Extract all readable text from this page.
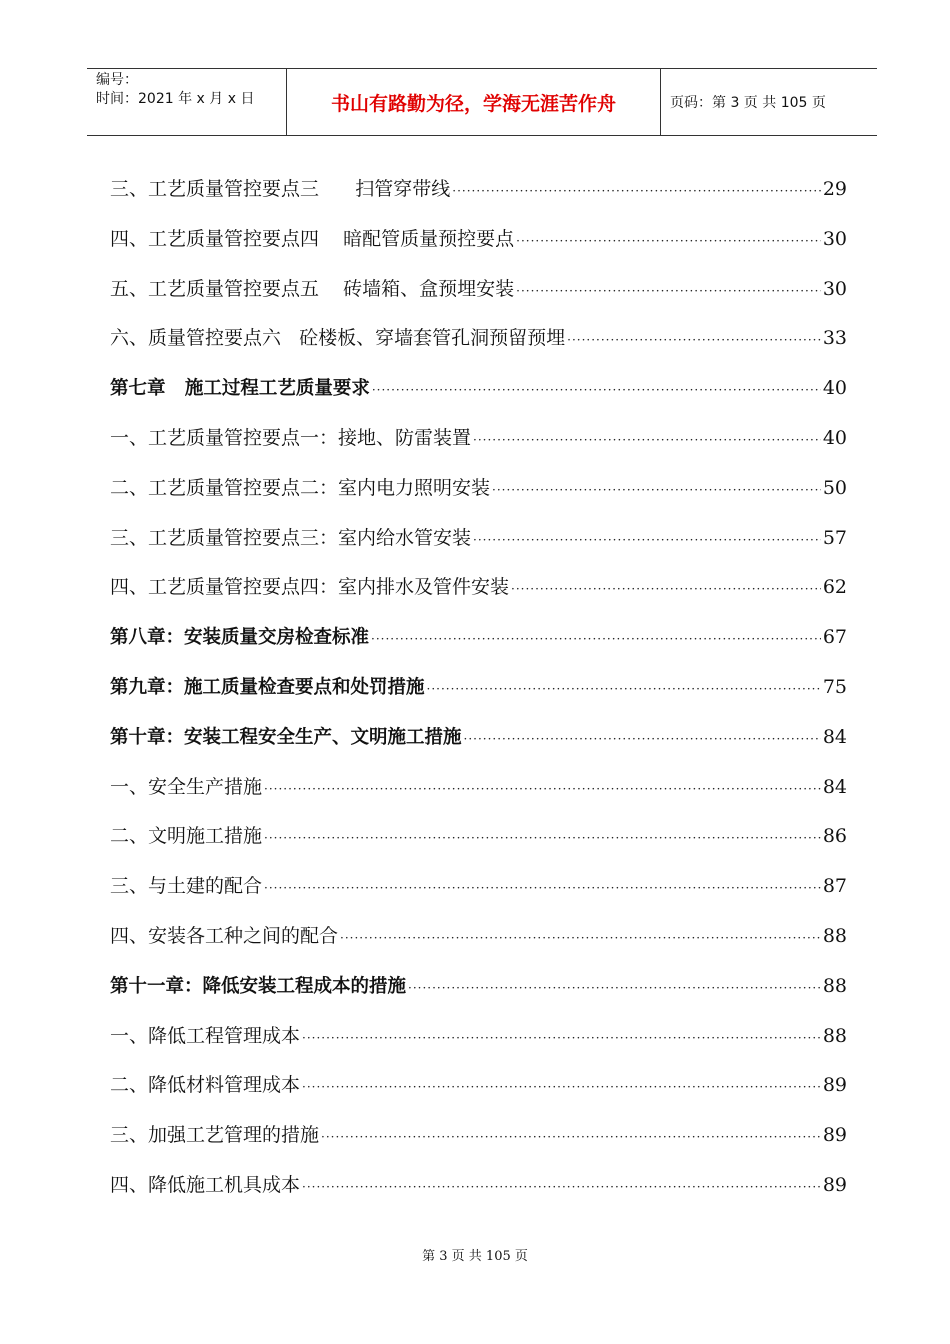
编号：
时间：2021 年 x 月 x 日	书山有路勤为径，学海无涯苦作舟	页码：第 3 页 共 105 页
三、工艺质量管控要点三      扫管穿带线 ·····	29
四、工艺质量管控要点四    暗配管质量预控要点 ·····	30
五、工艺质量管控要点五    砖墙箱、盒预埋安装 ·····	30
六、质量管控要点六   砼楼板、穿墙套管孔洞预留预埋 ·····	33
第七章   施工过程工艺质量要求 ·····	40
一、工艺质量管控要点一：接地、防雷装置 ·····	40
二、工艺质量管控要点二：室内电力照明安装 ·····	50
三、工艺质量管控要点三：室内给水管安装 ·····	57
四、工艺质量管控要点四：室内排水及管件安装 ·····	62
第八章：安装质量交房检查标准 ·····	67
第九章：施工质量检查要点和处罚措施 ·····	75
第十章：安装工程安全生产、文明施工措施 ·····	84
一、安全生产措施 ·····	84
二、文明施工措施 ·····	86
三、与土建的配合 ·····	87
四、安装各工种之间的配合 ·····	88
第十一章：降低安装工程成本的措施 ·····	88
一、降低工程管理成本 ·····	88
二、降低材料管理成本 ·····	89
三、加强工艺管理的措施 ·····	89
四、降低施工机具成本 ·····	89
第 3 页 共 105 页
